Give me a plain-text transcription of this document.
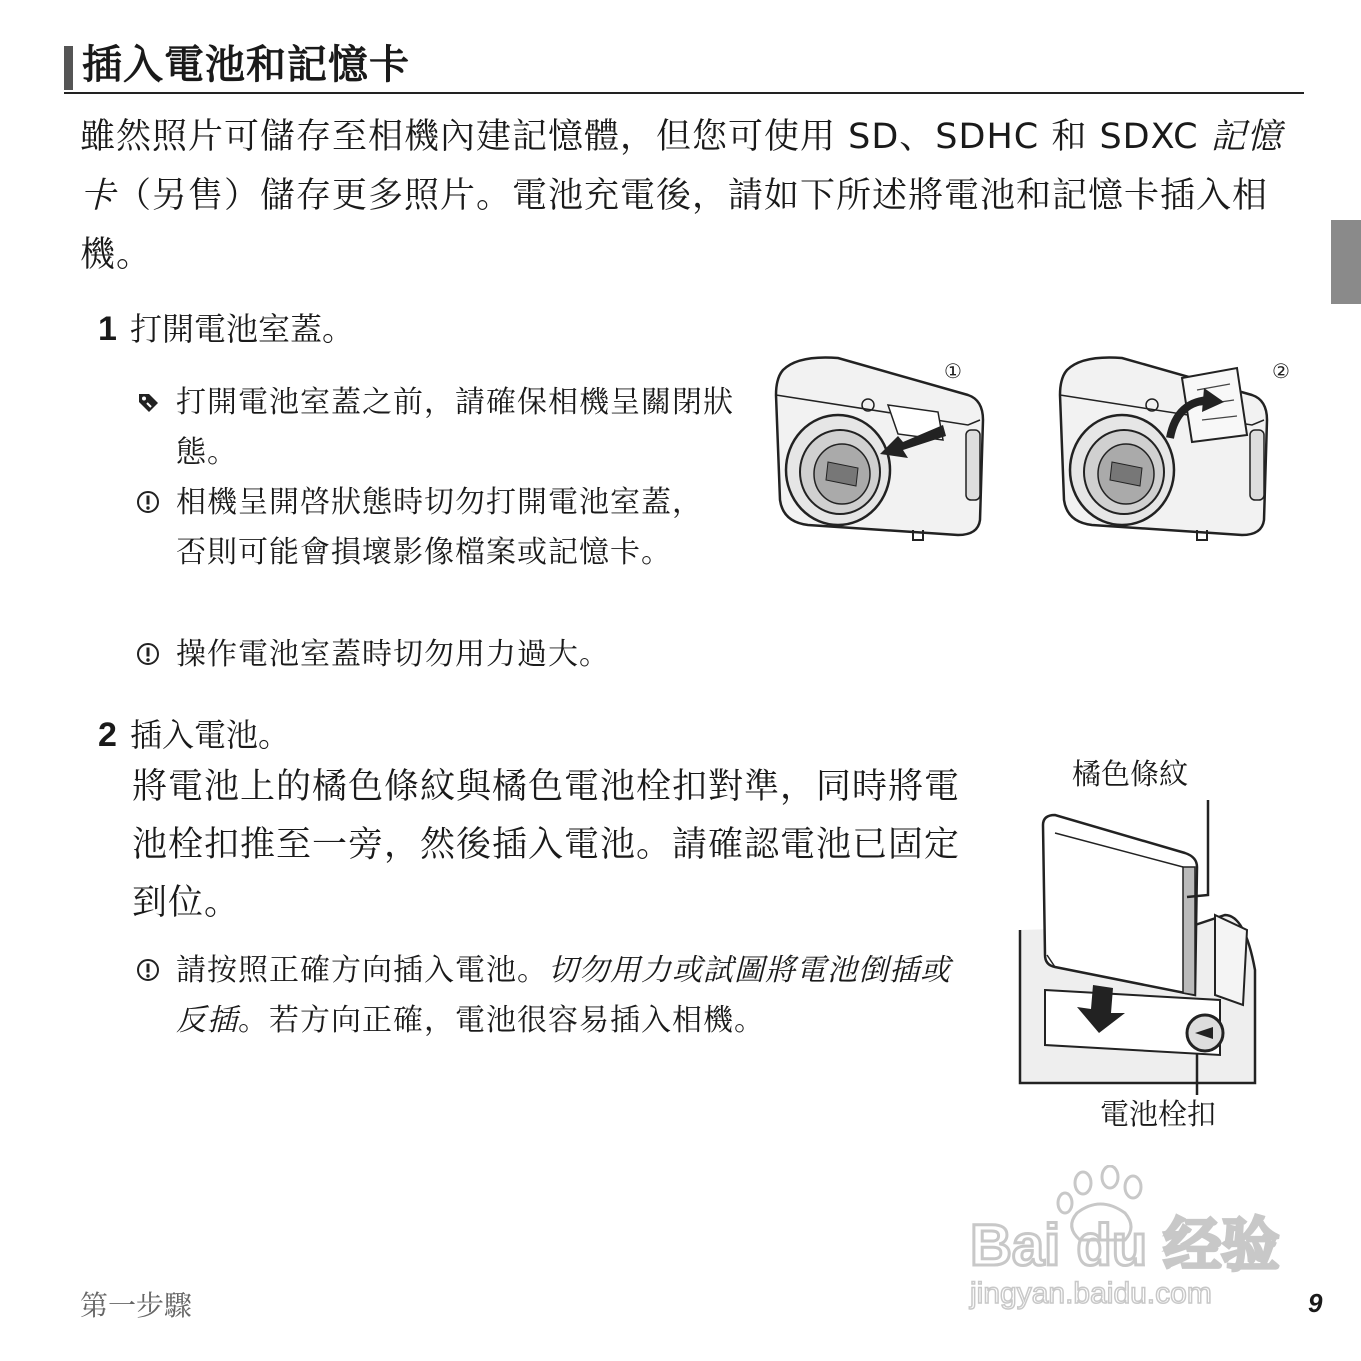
插入電池和記憶卡
雖然照片可儲存至相機內建記憶體，但您可使用 SD、SDHC 和 SDXC 記憶卡（另售）儲存更多照片。電池充電後，請如下所述將電池和記憶卡插入相機。
1 打開電池室蓋。
打開電池室蓋之前，請確保相機呈關閉狀態。
相機呈開啓狀態時切勿打開電池室蓋，否則可能會損壞影像檔案或記憶卡。
操作電池室蓋時切勿用力過大。
①	②
2 插入電池。
將電池上的橘色條紋與橘色電池栓扣對準，同時將電池栓扣推至一旁，然後插入電池。請確認電池已固定到位。
請按照正確方向插入電池。切勿用力或試圖將電池倒插或反插。若方向正確，電池很容易插入相機。
橘色條紋
電池栓扣
Bai du 经验
jingyan.baidu.com
第一步驟	9
